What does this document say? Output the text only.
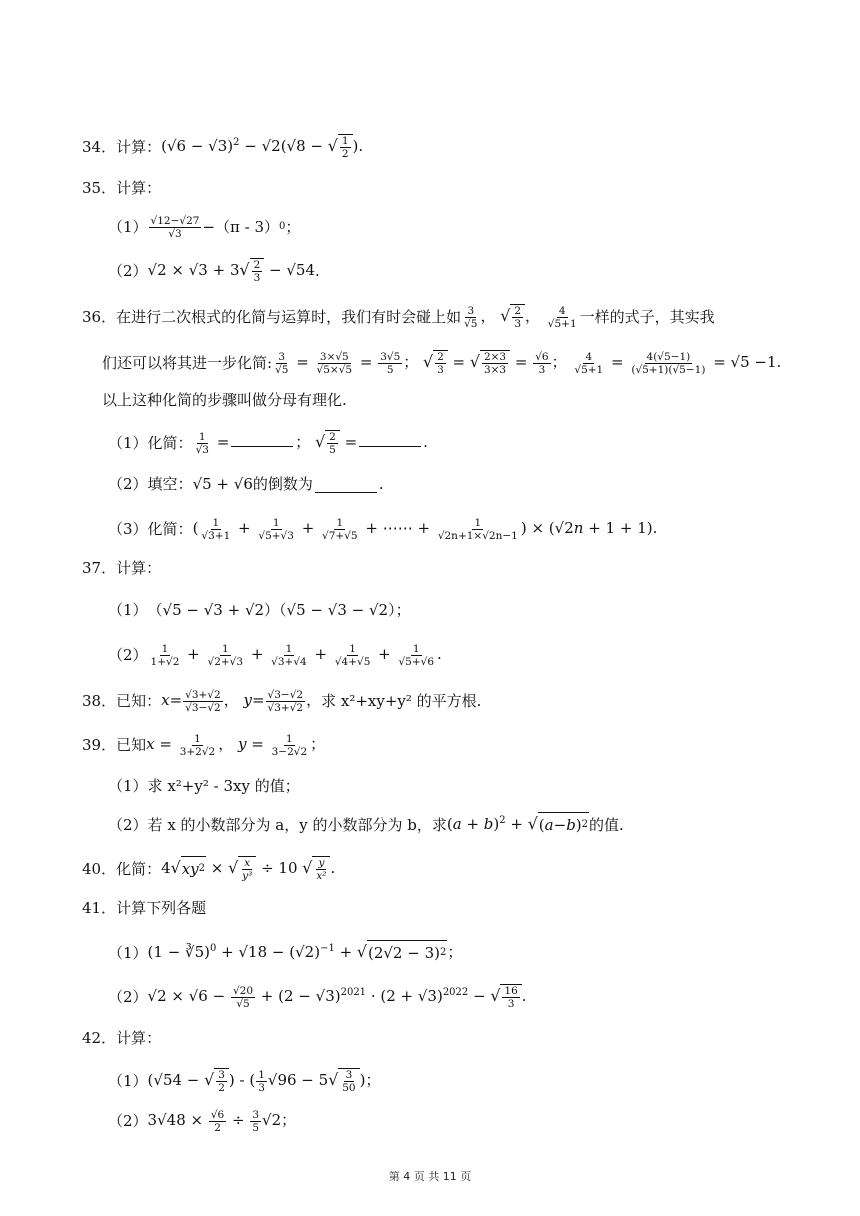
34． 计算： $(√6 - √3)^2 - √2(√8$ − √ $\frac{1}{2}$ ).
35． 计算：
$(1) \frac{√12-√27}{√3} -(\pi - 3)$ 0 ；
（2） √2 × √3 + 3 √ $\frac{2}{3} - √54$ .
36． 在进行二次根式的化简与运算时，我们有时会碰上如 $\frac{3}{√5}$ ， √ $\frac{2}{3}$ ， $\frac{4}{√5+1}$ 一样的式子，其实我
们还可以将其进一步化简: $\frac{3}{√5} = \frac{3\times√5}{√5\times√5} = \frac{3√5}{5}$ ； √ $\frac{2}{3}$ = √ $\frac{2\times 3}{3\times 3} = \frac{√6}{3}$ ； $\frac{4}{√5+1} = \frac{4(√5-1)}{(√5+1)(√5-1)} = √5 -1$.
以上这种化简的步骤叫做分母有理化.
（1） 化简： $\frac{1}{√3}$ =	； √ $\frac{2}{5}$ =	.
（2） 填空： √5 + √6 的倒数为	.
（3） 化简： ( $\frac{1}{√3+1} + \frac{1}{√5+√3} + \frac{1}{√7+√5}$ + ⋯⋯ + $\frac{1}{√2n+1\times√2n-1}$ ) × (√2n + 1 + 1).
37． 计算：
（1） （√5 − √3 + √2）（√5 − √3 − √2）；
$(2) \frac{1}{1+√2} + \frac{1}{√2+√3} + \frac{1}{√3+√4} + \frac{1}{√4+√5} + \frac{1}{√5+√6}$ .
38． 已知： $x= \frac{√3+√2}{√3-√2}$ ， $y= \frac{√3-√2}{√3+√2}$ ， 求 x²+xy+y² 的平方根.
39． 已知 $x = \frac{1}{3+2√2}$ ， $y = \frac{1}{3-2√2}$ ；
（1） 求 x²+y² - 3xy 的值；
（2） 若 x 的小数部分为 a，y 的小数部分为 b，求 $(a + b)^2$ + √ ( a − b ) 2 的值.
40． 化简： 4 √ xy 2 × √ $\frac{x}{\text{y³}} \div 10$ √ $\frac{y}{\text{x²}}$ .
41． 计算下列各题
（1） (1 − ∛5)$^0$ + $√18 - (√2)^{-1}$ + √ (2√2 − 3) 2 ；
（2） $√2 \times √6 - \frac{√20}{√5} + (2 - √3)^{2021} \cdot (2 + √3)^{2022}$ − √ $\frac{16}{3}$ .
42． 计算：
（1） (√54 − √ $\frac{3}{2}$ ) - ( $\frac{1}{3} √96 - 5$ √ $\frac{3}{50}$ )；
（2） $3√48 \times \frac{√6}{2} \div \frac{3}{5} √2$；
第 4 页 共 11 页
